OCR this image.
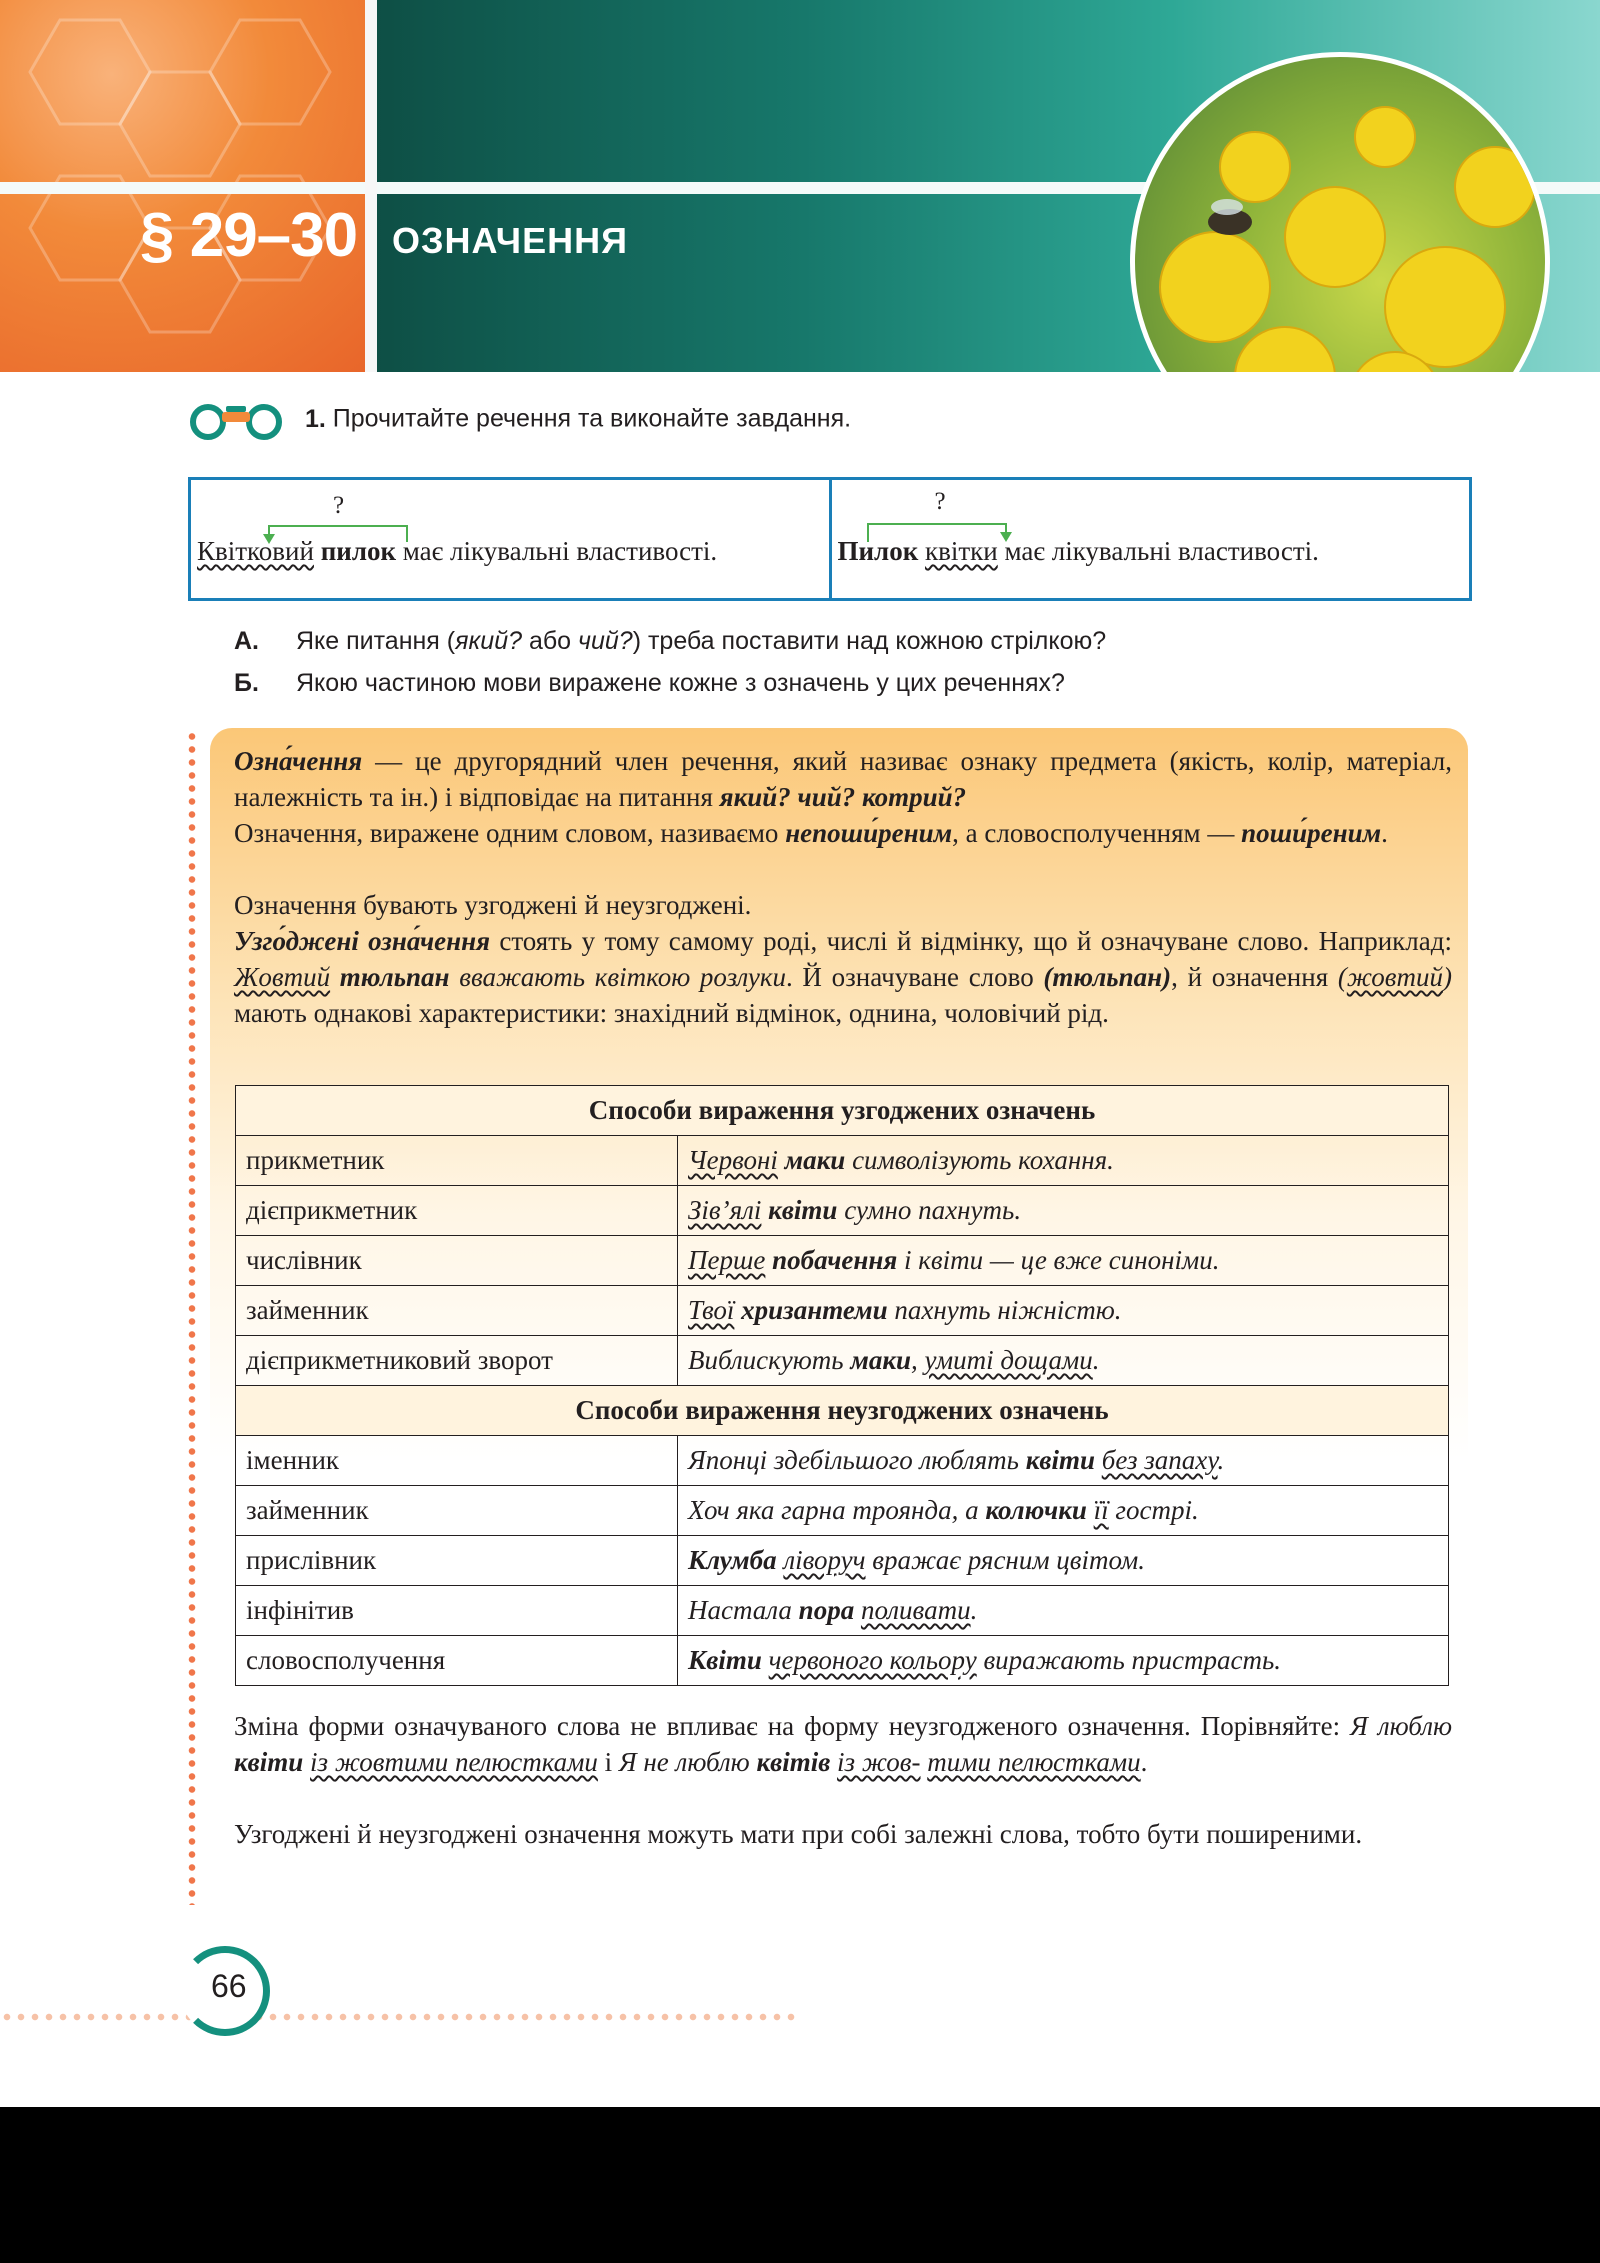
§ 29–30 ОЗНАЧЕННЯ
1. Прочитайте речення та виконайте завдання.
?
Квітковий пилок має лікувальні властивості.
?
Пилок квітки має лікувальні властивості.
А. Яке питання (який? або чий?) треба поставити над кожною стрілкою?
Б. Якою частиною мови виражене кожне з означень у цих реченнях?
Озна́чення — це другорядний член речення, який називає ознаку предмета (якість, колір, матеріал, належність та ін.) і відповідає на питання який? чий? котрий?
Означення, виражене одним словом, називаємо непоши́реним, а словосполученням — поши́реним.
Означення бувають узгоджені й неузгоджені.
Узго́джені озна́чення стоять у тому самому роді, числі й відмінку, що й означуване слово. Наприклад: Жовтий тюльпан вважають квіткою розлуки. Й означуване слово (тюльпан), й означення (жовтий) мають однакові характеристики: знахідний відмінок, однина, чоловічий рід.
Способи вираження узгоджених означень	
прикметник	Червоні маки символізують кохання.
дієприкметник	Зів’ялі квіти сумно пахнуть.
числівник	Перше побачення і квіти — це вже синоніми.
займенник	Твої хризантеми пахнуть ніжністю.
дієприкметниковий зворот	Виблискують маки, умиті дощами.
Способи вираження неузгоджених означень	
іменник	Японці здебільшого люблять квіти без запаху.
займенник	Хоч яка гарна троянда, а колючки її гострі.
прислівник	Клумба ліворуч вражає рясним цвітом.
інфінітив	Настала пора поливати.
словосполучення	Квіти червоного кольору виражають пристрасть.
Зміна форми означуваного слова не впливає на форму неузгодженого означення. Порівняйте: Я люблю квіти із жовтими пелюстками і Я не люблю квітів із жов- тими пелюстками.
Узгоджені й неузгоджені означення можуть мати при собі залежні слова, тобто бути поширеними.
66
